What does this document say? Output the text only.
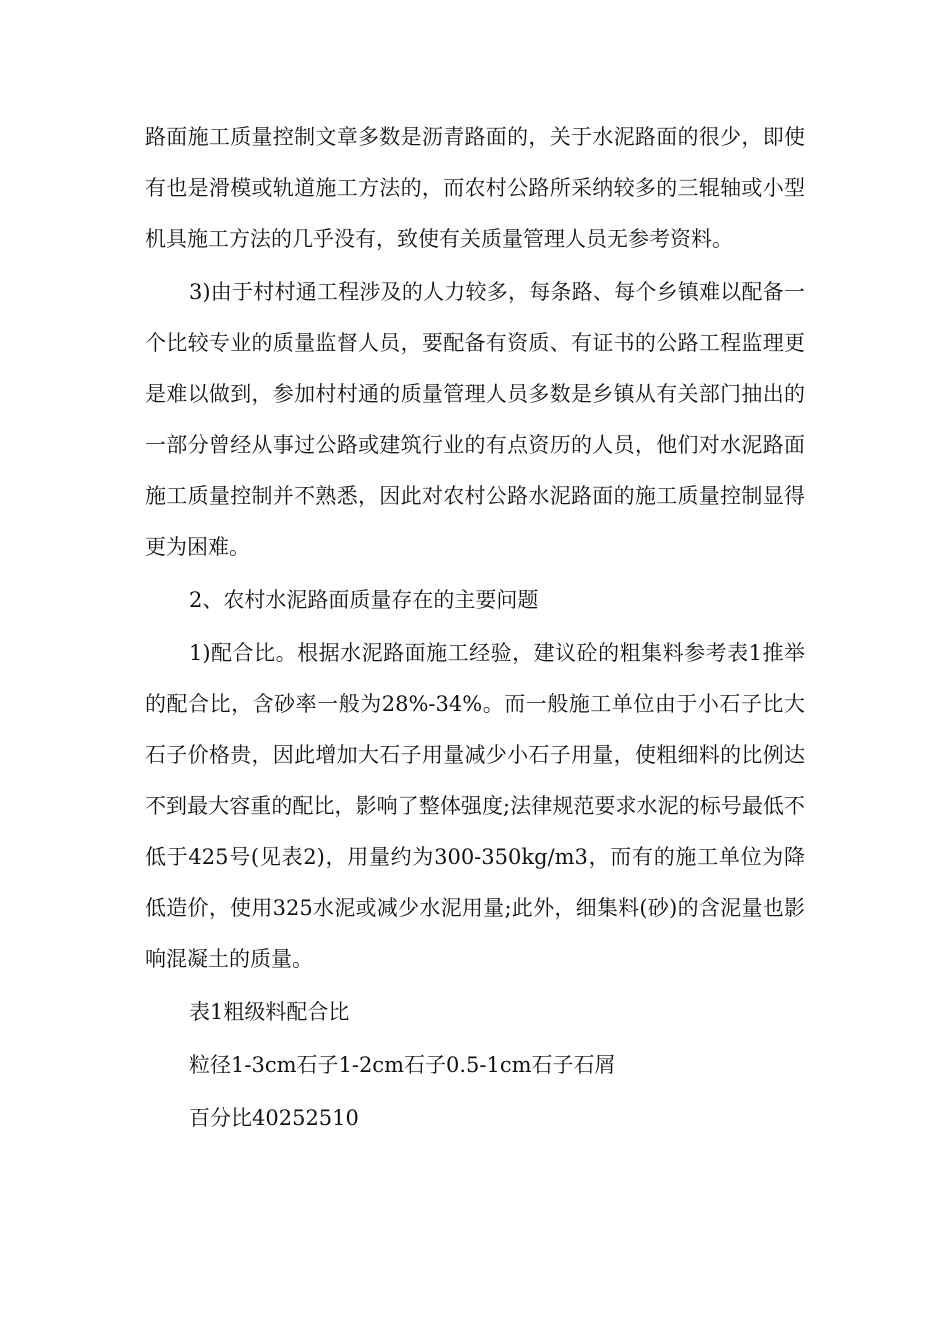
路面施工质量控制文章多数是沥青路面的，关于水泥路面的很少，即使有也是滑模或轨道施工方法的，而农村公路所采纳较多的三辊轴或小型机具施工方法的几乎没有，致使有关质量管理人员无参考资料。

3)由于村村通工程涉及的人力较多，每条路、每个乡镇难以配备一个比较专业的质量监督人员，要配备有资质、有证书的公路工程监理更是难以做到，参加村村通的质量管理人员多数是乡镇从有关部门抽出的一部分曾经从事过公路或建筑行业的有点资历的人员，他们对水泥路面施工质量控制并不熟悉，因此对农村公路水泥路面的施工质量控制显得更为困难。

2、农村水泥路面质量存在的主要问题

1)配合比。根据水泥路面施工经验，建议砼的粗集料参考表1推举的配合比，含砂率一般为28%-34%。而一般施工单位由于小石子比大石子价格贵，因此增加大石子用量减少小石子用量，使粗细料的比例达不到最大容重的配比，影响了整体强度;法律规范要求水泥的标号最低不低于425号(见表2)，用量约为300-350kg/m3，而有的施工单位为降低造价，使用325水泥或减少水泥用量;此外，细集料(砂)的含泥量也影响混凝土的质量。

表1粗级料配合比

粒径1-3cm石子1-2cm石子0.5-1cm石子石屑

百分比40252510
